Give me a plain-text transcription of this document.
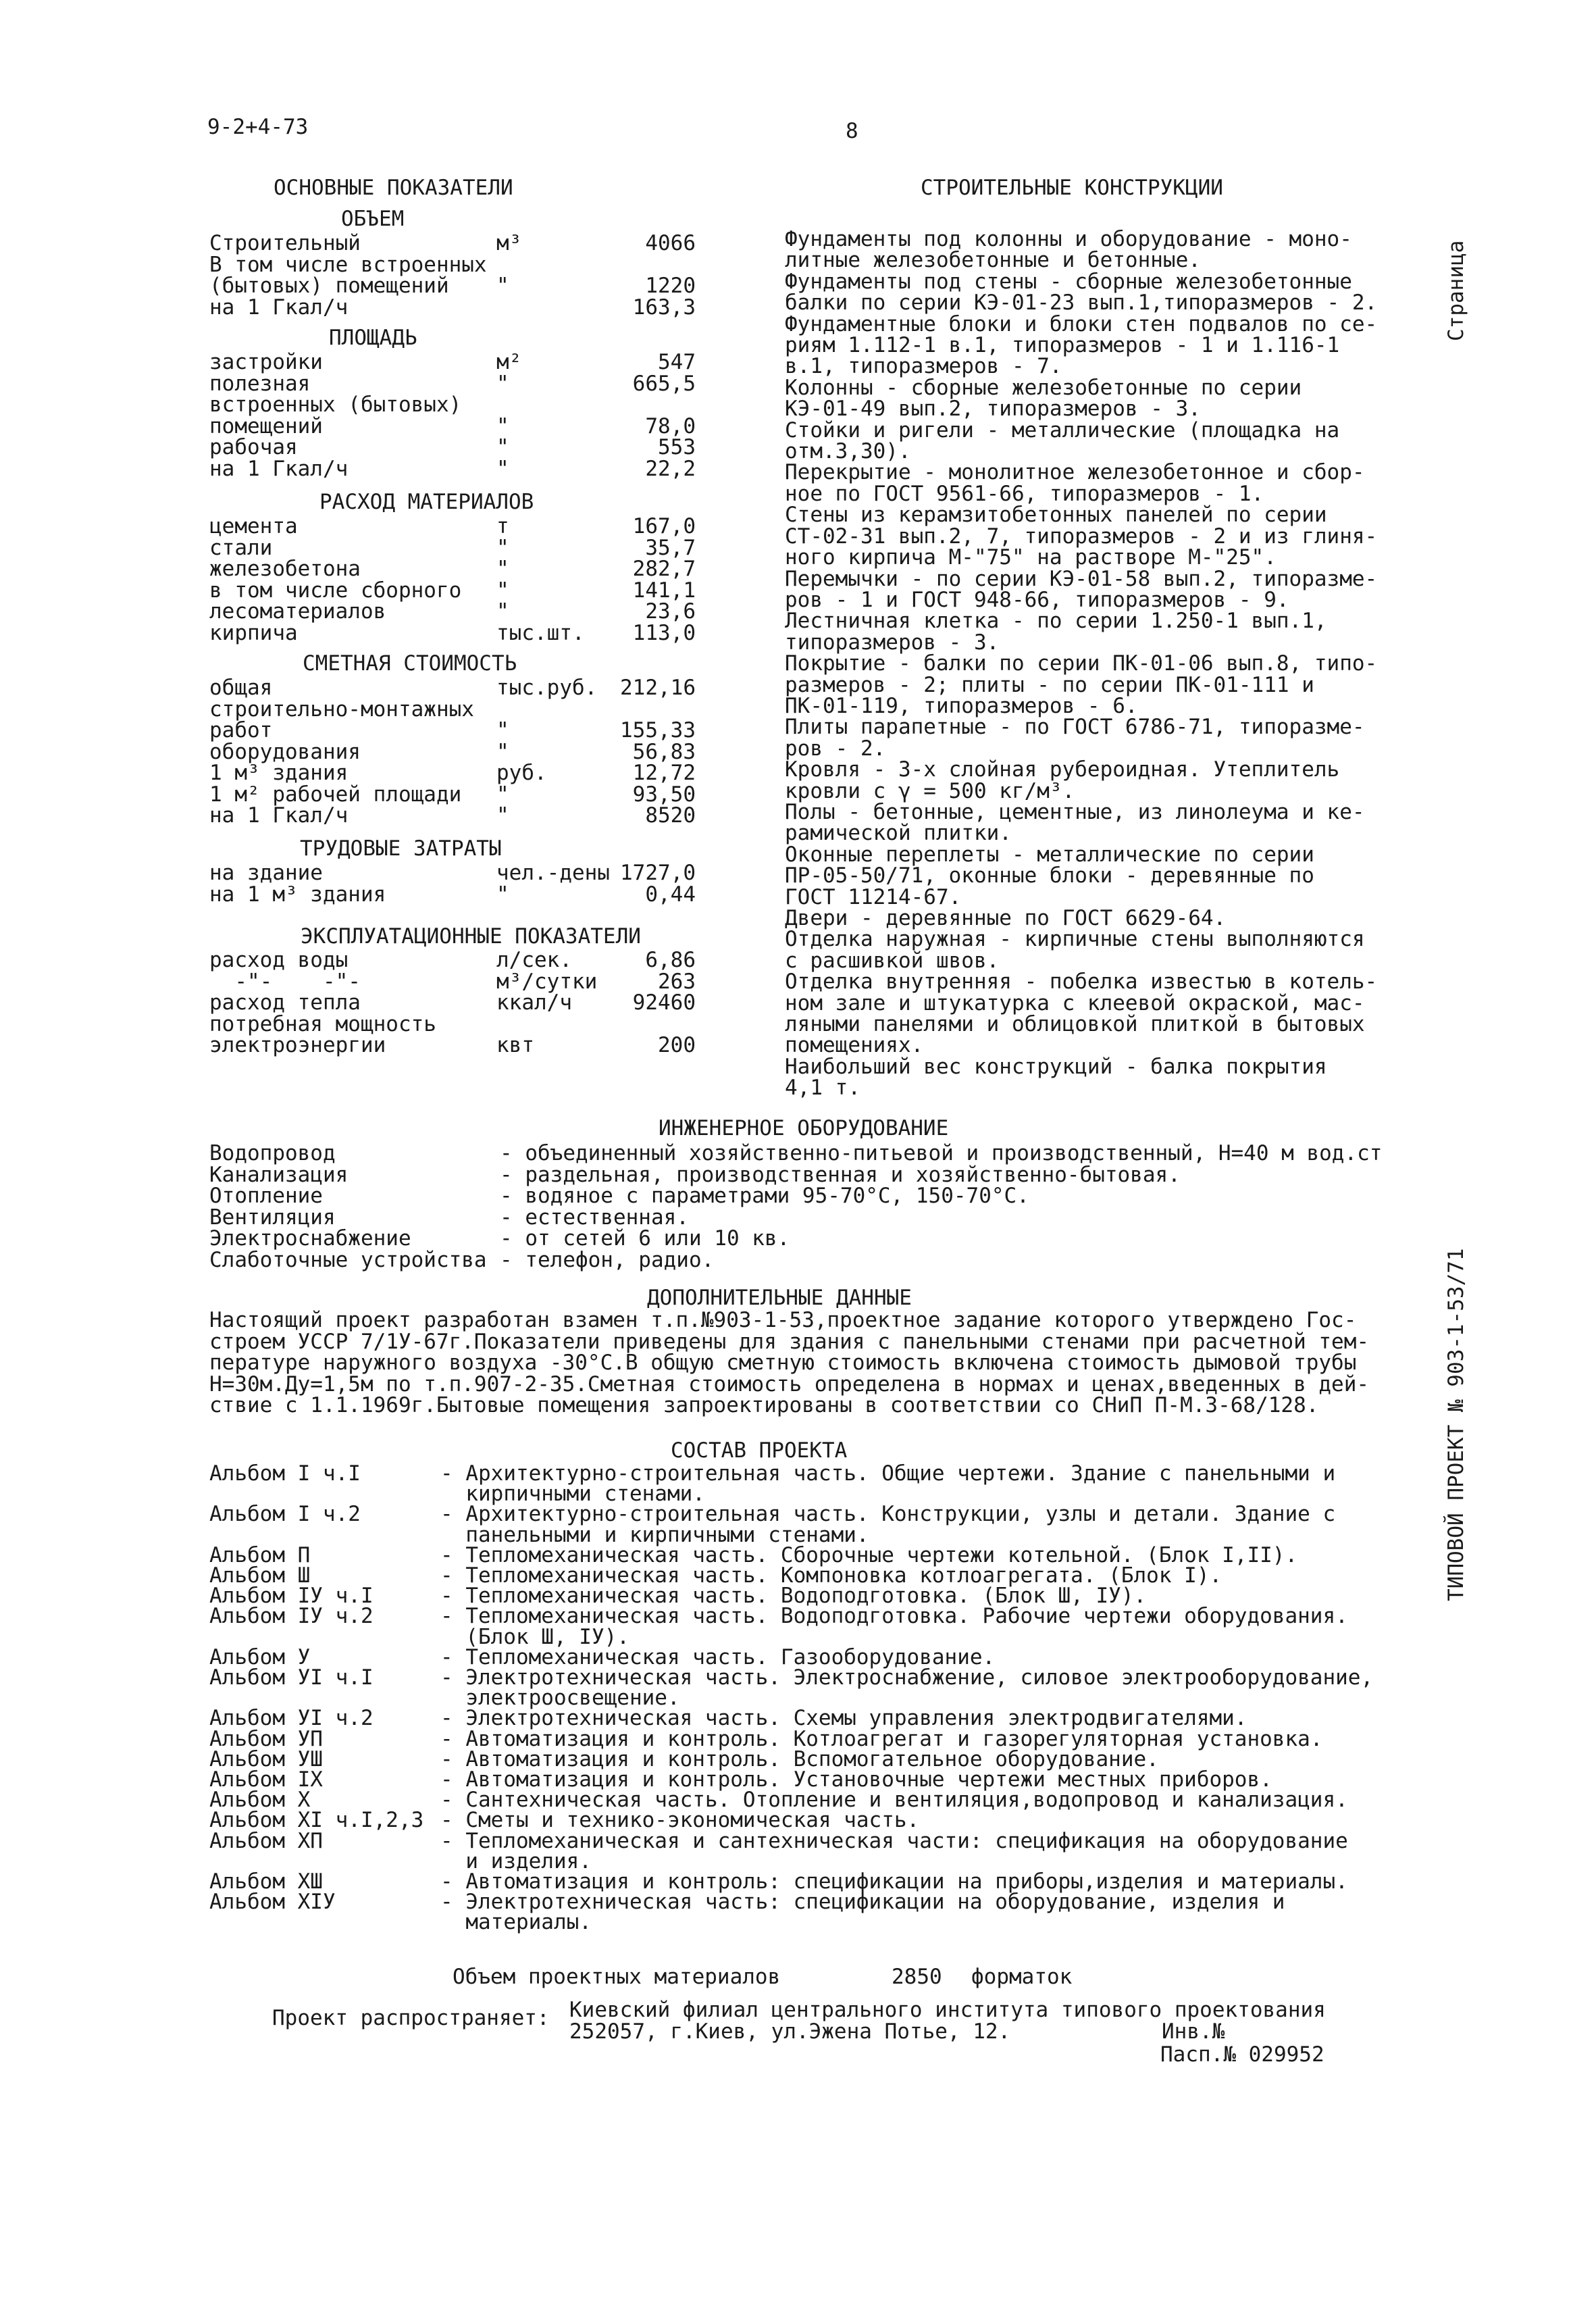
9-2+4-73	8
Страница
ТИПОВОЙ ПРОЕКТ № 903-1-53/71
ОСНОВНЫЕ ПОКАЗАТЕЛИ
ОБЪЕМ
Строительный	м³	4066
В том числе встроенных
(бытовых) помещений "	1220
на 1 Гкал/ч	163,3
ПЛОЩАДЬ
застройки	м²	547
полезная	"	665,5
встроенных (бытовых)
помещений	"	78,0
рабочая	"	553
на 1 Гкал/ч	"	22,2
РАСХОД МАТЕРИАЛОВ
цемента	т	167,0
стали	"	35,7
железобетона	"	282,7
в том числе сборного "	141,1
лесоматериалов	"	23,6
кирпича	тыс.шт. 113,0
СМЕТНАЯ СТОИМОСТЬ
общая	тыс.руб. 212,16
строительно-монтажных
работ	"	155,33
оборудования	"	56,83
1 м³ здания	руб.	12,72
1 м² рабочей площади "	93,50
на 1 Гкал/ч	"	8520
ТРУДОВЫЕ ЗАТРАТЫ
на здание	чел.-дены 1727,0
на 1 м³ здания	"	0,44
ЭКСПЛУАТАЦИОННЫЕ ПОКАЗАТЕЛИ
расход воды	л/сек.	6,86
-"-    -"-	м³/сутки	263
расход тепла	ккал/ч	92460
потребная мощность
электроэнергии	квт	200
СТРОИТЕЛЬНЫЕ КОНСТРУКЦИИ
Фундаменты под колонны и оборудование - моно-
литные железобетонные и бетонные.
Фундаменты под стены - сборные железобетонные
балки по серии КЭ-01-23 вып.1,типоразмеров - 2.
Фундаментные блоки и блоки стен подвалов по се-
риям 1.112-1 в.1, типоразмеров - 1 и 1.116-1
в.1, типоразмеров - 7.
Колонны - сборные железобетонные по серии
КЭ-01-49 вып.2, типоразмеров - 3.
Стойки и ригели - металлические (площадка на
отм.3,30).
Перекрытие - монолитное железобетонное и сбор-
ное по ГОСТ 9561-66, типоразмеров - 1.
Стены из керамзитобетонных панелей по серии
СТ-02-31 вып.2, 7, типоразмеров - 2 и из глиня-
ного кирпича М-"75" на растворе М-"25".
Перемычки - по серии КЭ-01-58 вып.2, типоразме-
ров - 1 и ГОСТ 948-66, типоразмеров - 9.
Лестничная клетка - по серии 1.250-1 вып.1,
типоразмеров - 3.
Покрытие - балки по серии ПК-01-06 вып.8, типо-
размеров - 2; плиты - по серии ПК-01-111 и
ПК-01-119, типоразмеров - 6.
Плиты парапетные - по ГОСТ 6786-71, типоразме-
ров - 2.
Кровля - 3-х слойная рубероидная. Утеплитель
кровли с γ = 500 кг/м³.
Полы - бетонные, цементные, из линолеума и ке-
рамической плитки.
Оконные переплеты - металлические по серии
ПР-05-50/71, оконные блоки - деревянные по
ГОСТ 11214-67.
Двери - деревянные по ГОСТ 6629-64.
Отделка наружная - кирпичные стены выполняются
с расшивкой швов.
Отделка внутренняя - побелка известью в котель-
ном зале и штукатурка с клеевой окраской, мас-
ляными панелями и облицовкой плиткой в бытовых
помещениях.
Наибольший вес конструкций - балка покрытия
4,1 т.
ИНЖЕНЕРНОЕ ОБОРУДОВАНИЕ
Водопровод	- объединенный хозяйственно-питьевой и производственный, Н=40 м вод.ст
Канализация	- раздельная, производственная и хозяйственно-бытовая.
Отопление	- водяное с параметрами 95-70°С, 150-70°С.
Вентиляция	- естественная.
Электроснабжение	- от сетей 6 или 10 кв.
Слаботочные устройства - телефон, радио.
ДОПОЛНИТЕЛЬНЫЕ ДАННЫЕ
Настоящий проект разработан взамен т.п.№903-1-53,проектное задание которого утверждено Гос-
строем УССР 7/1У-67г.Показатели приведены для здания с панельными стенами при расчетной тем-
пературе наружного воздуха -30°С.В общую сметную стоимость включена стоимость дымовой трубы
Н=30м.Ду=1,5м по т.п.907-2-35.Сметная стоимость определена в нормах и ценах,введенных в дей-
ствие с 1.1.1969г.Бытовые помещения запроектированы в соответствии со СНиП П-М.3-68/128.
СОСТАВ ПРОЕКТА
Альбом I ч.I	- Архитектурно-строительная часть. Общие чертежи. Здание с панельными и
кирпичными стенами.
Альбом I ч.2	- Архитектурно-строительная часть. Конструкции, узлы и детали. Здание с
панельными и кирпичными стенами.
Альбом П	- Тепломеханическая часть. Сборочные чертежи котельной. (Блок I,II).
Альбом Ш	- Тепломеханическая часть. Компоновка котлоагрегата. (Блок I).
Альбом IУ ч.I	- Тепломеханическая часть. Водоподготовка. (Блок Ш, IУ).
Альбом IУ ч.2	- Тепломеханическая часть. Водоподготовка. Рабочие чертежи оборудования.
(Блок Ш, IУ).
Альбом У	- Тепломеханическая часть. Газооборудование.
Альбом УI ч.I	- Электротехническая часть. Электроснабжение, силовое электрооборудование,
электроосвещение.
Альбом УI ч.2	- Электротехническая часть. Схемы управления электродвигателями.
Альбом УП	- Автоматизация и контроль. Котлоагрегат и газорегуляторная установка.
Альбом УШ	- Автоматизация и контроль. Вспомогательное оборудование.
Альбом IX	- Автоматизация и контроль. Установочные чертежи местных приборов.
Альбом X	- Сантехническая часть. Отопление и вентиляция,водопровод и канализация.
Альбом XI ч.I,2,3 - Сметы и технико-экономическая часть.
Альбом XП	- Тепломеханическая и сантехническая части: спецификация на оборудование
и изделия.
Альбом XШ	- Автоматизация и контроль: спецификации на приборы,изделия и материалы.
Альбом XIУ	- Электротехническая часть: спецификации на оборудование, изделия и
материалы.
Объем проектных материалов	2850 форматок
Проект распространяет: Киевский филиал центрального института типового проектования
252057, г.Киев, ул.Эжена Потье, 12.	Инв.№
Пасп.№ 029952
